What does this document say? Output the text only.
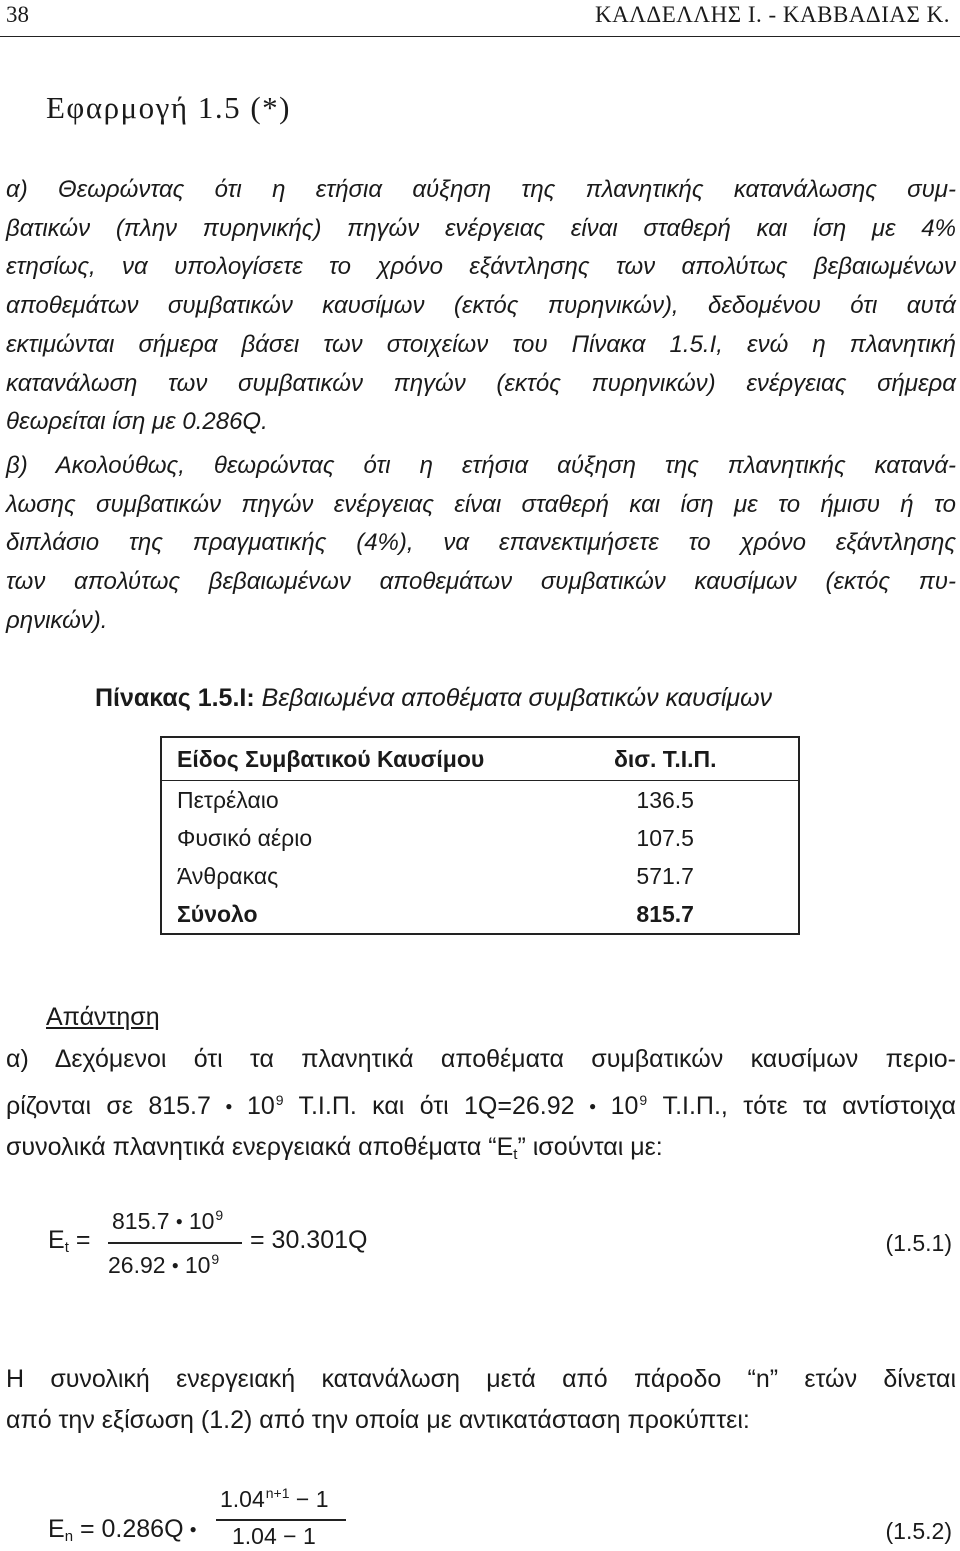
38	ΚΑΛΔΕΛΛΗΣ Ι. - ΚΑΒΒΑΔΙΑΣ Κ.
Εφαρμογή 1.5 (*)
α) Θεωρώντας ότι η ετήσια αύξηση της πλανητικής κατανάλωσης συμ-
βατικών (πλην πυρηνικής) πηγών ενέργειας είναι σταθερή και ίση με 4%
ετησίως, να υπολογίσετε το χρόνο εξάντλησης των απολύτως βεβαιωμένων
αποθεμάτων συμβατικών καυσίμων (εκτός πυρηνικών), δεδομένου ότι αυτά
εκτιμώνται σήμερα βάσει των στοιχείων του Πίνακα 1.5.I, ενώ η πλανητική
κατανάλωση των συμβατικών πηγών (εκτός πυρηνικών) ενέργειας σήμερα
θεωρείται ίση με 0.286Q.
β) Ακολούθως, θεωρώντας ότι η ετήσια αύξηση της πλανητικής κατανά-
λωσης συμβατικών πηγών ενέργειας είναι σταθερή και ίση με το ήμισυ ή το
διπλάσιο της πραγματικής (4%), να επανεκτιμήσετε το χρόνο εξάντλησης
των απολύτως βεβαιωμένων αποθεμάτων συμβατικών καυσίμων (εκτός πυ-
ρηνικών).
Πίνακας 1.5.I: Βεβαιωμένα αποθέματα συμβατικών καυσίμων
Είδος Συμβατικού Καυσίμου	δισ. Τ.Ι.Π.
Πετρέλαιο	136.5
Φυσικό αέριο	107.5
Άνθρακας	571.7
Σύνολο	815.7
Απάντηση
α) Δεχόμενοι ότι τα πλανητικά αποθέματα συμβατικών καυσίμων περιο-
ρίζονται σε 815.7 ● $10^9$ Τ.Ι.Π. και ότι 1Q=26.92 ● $10^9$ Τ.Ι.Π., τότε τα αντίστοιχα
συνολικά πλανητικά ενεργειακά αποθέματα “$E_t$” ισούνται με:
$E_t$ =
815.7 ● $10^9$
26.92 ● $10^9$
= 30.301Q	(1.5.1)
Η συνολική ενεργειακή κατανάλωση μετά από πάροδο “n” ετών δίνεται
από την εξίσωση (1.2) από την οποία με αντικατάσταση προκύπτει:
$E_n = 0.286Q$ ●
$1.04^{n+1} - 1$
1.04 − 1	(1.5.2)
